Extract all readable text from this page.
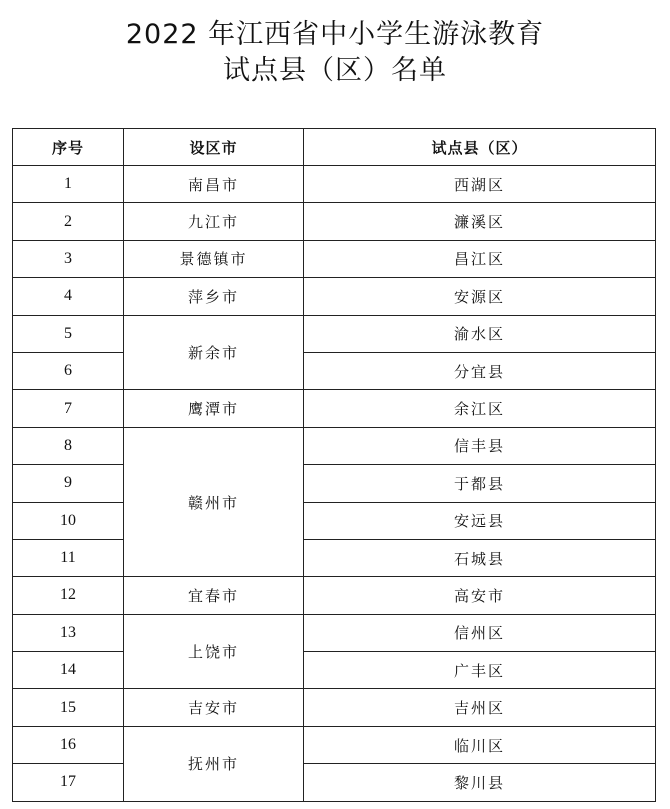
2022 年江西省中小学生游泳教育
试点县（区）名单
序号	设区市	试点县（区）
1	南昌市	西湖区
2	九江市	濂溪区
3	景德镇市	昌江区
4	萍乡市	安源区
5	新余市	渝水区
6		分宜县
7	鹰潭市	余江区
8	赣州市	信丰县
9		于都县
10		安远县
11		石城县
12	宜春市	高安市
13	上饶市	信州区
14		广丰区
15	吉安市	吉州区
16	抚州市	临川区
17		黎川县
